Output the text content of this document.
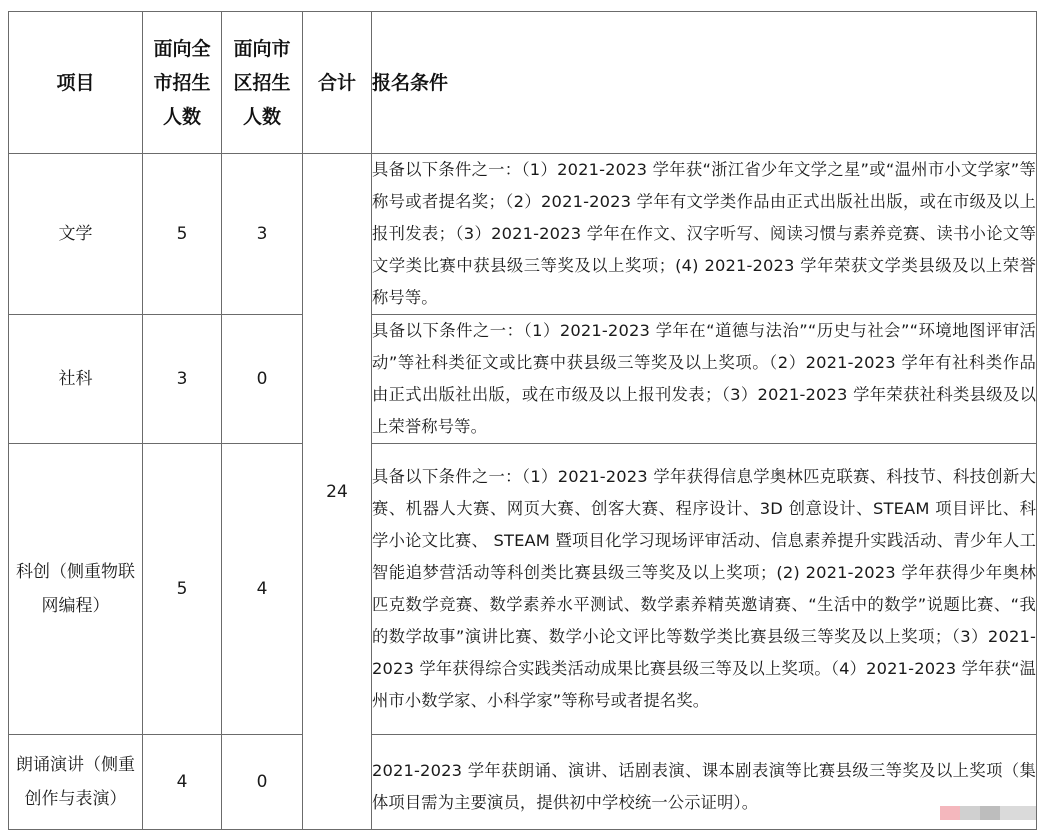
项目	面向全市招生人数	面向市区招生人数	合计	报名条件
文学	5	3	24	具备以下条件之一：（1）2021-2023 学年获“浙江省少年文学之星”或“温州市小文学家”等称号或者提名奖；（2）2021-2023 学年有文学类作品由正式出版社出版，或在市级及以上报刊发表；（3）2021-2023 学年在作文、汉字听写、阅读习惯与素养竞赛、读书小论文等文学类比赛中获县级三等奖及以上奖项；(4) 2021-2023 学年荣获文学类县级及以上荣誉称号等。
社科	3	0		具备以下条件之一：（1）2021-2023 学年在“道德与法治”“历史与社会”“环境地图评审活动”等社科类征文或比赛中获县级三等奖及以上奖项。（2）2021-2023 学年有社科类作品由正式出版社出版，或在市级及以上报刊发表；（3）2021-2023 学年荣获社科类县级及以上荣誉称号等。
科创（侧重物联网编程）	5	4		具备以下条件之一：（1）2021-2023 学年获得信息学奥林匹克联赛、科技节、科技创新大赛、机器人大赛、网页大赛、创客大赛、程序设计、3D 创意设计、STEAM 项目评比、科学小论文比赛、 STEAM 暨项目化学习现场评审活动、信息素养提升实践活动、青少年人工智能追梦营活动等科创类比赛县级三等奖及以上奖项；(2) 2021-2023 学年获得少年奥林匹克数学竞赛、数学素养水平测试、数学素养精英邀请赛、“生活中的数学”说题比赛、“我的数学故事”演讲比赛、数学小论文评比等数学类比赛县级三等奖及以上奖项；（3）2021-2023 学年获得综合实践类活动成果比赛县级三等及以上奖项。（4）2021-2023 学年获“温州市小数学家、小科学家”等称号或者提名奖。
朗诵演讲（侧重创作与表演）	4	0		2021-2023 学年获朗诵、演讲、话剧表演、课本剧表演等比赛县级三等奖及以上奖项（集体项目需为主要演员，提供初中学校统一公示证明）。
